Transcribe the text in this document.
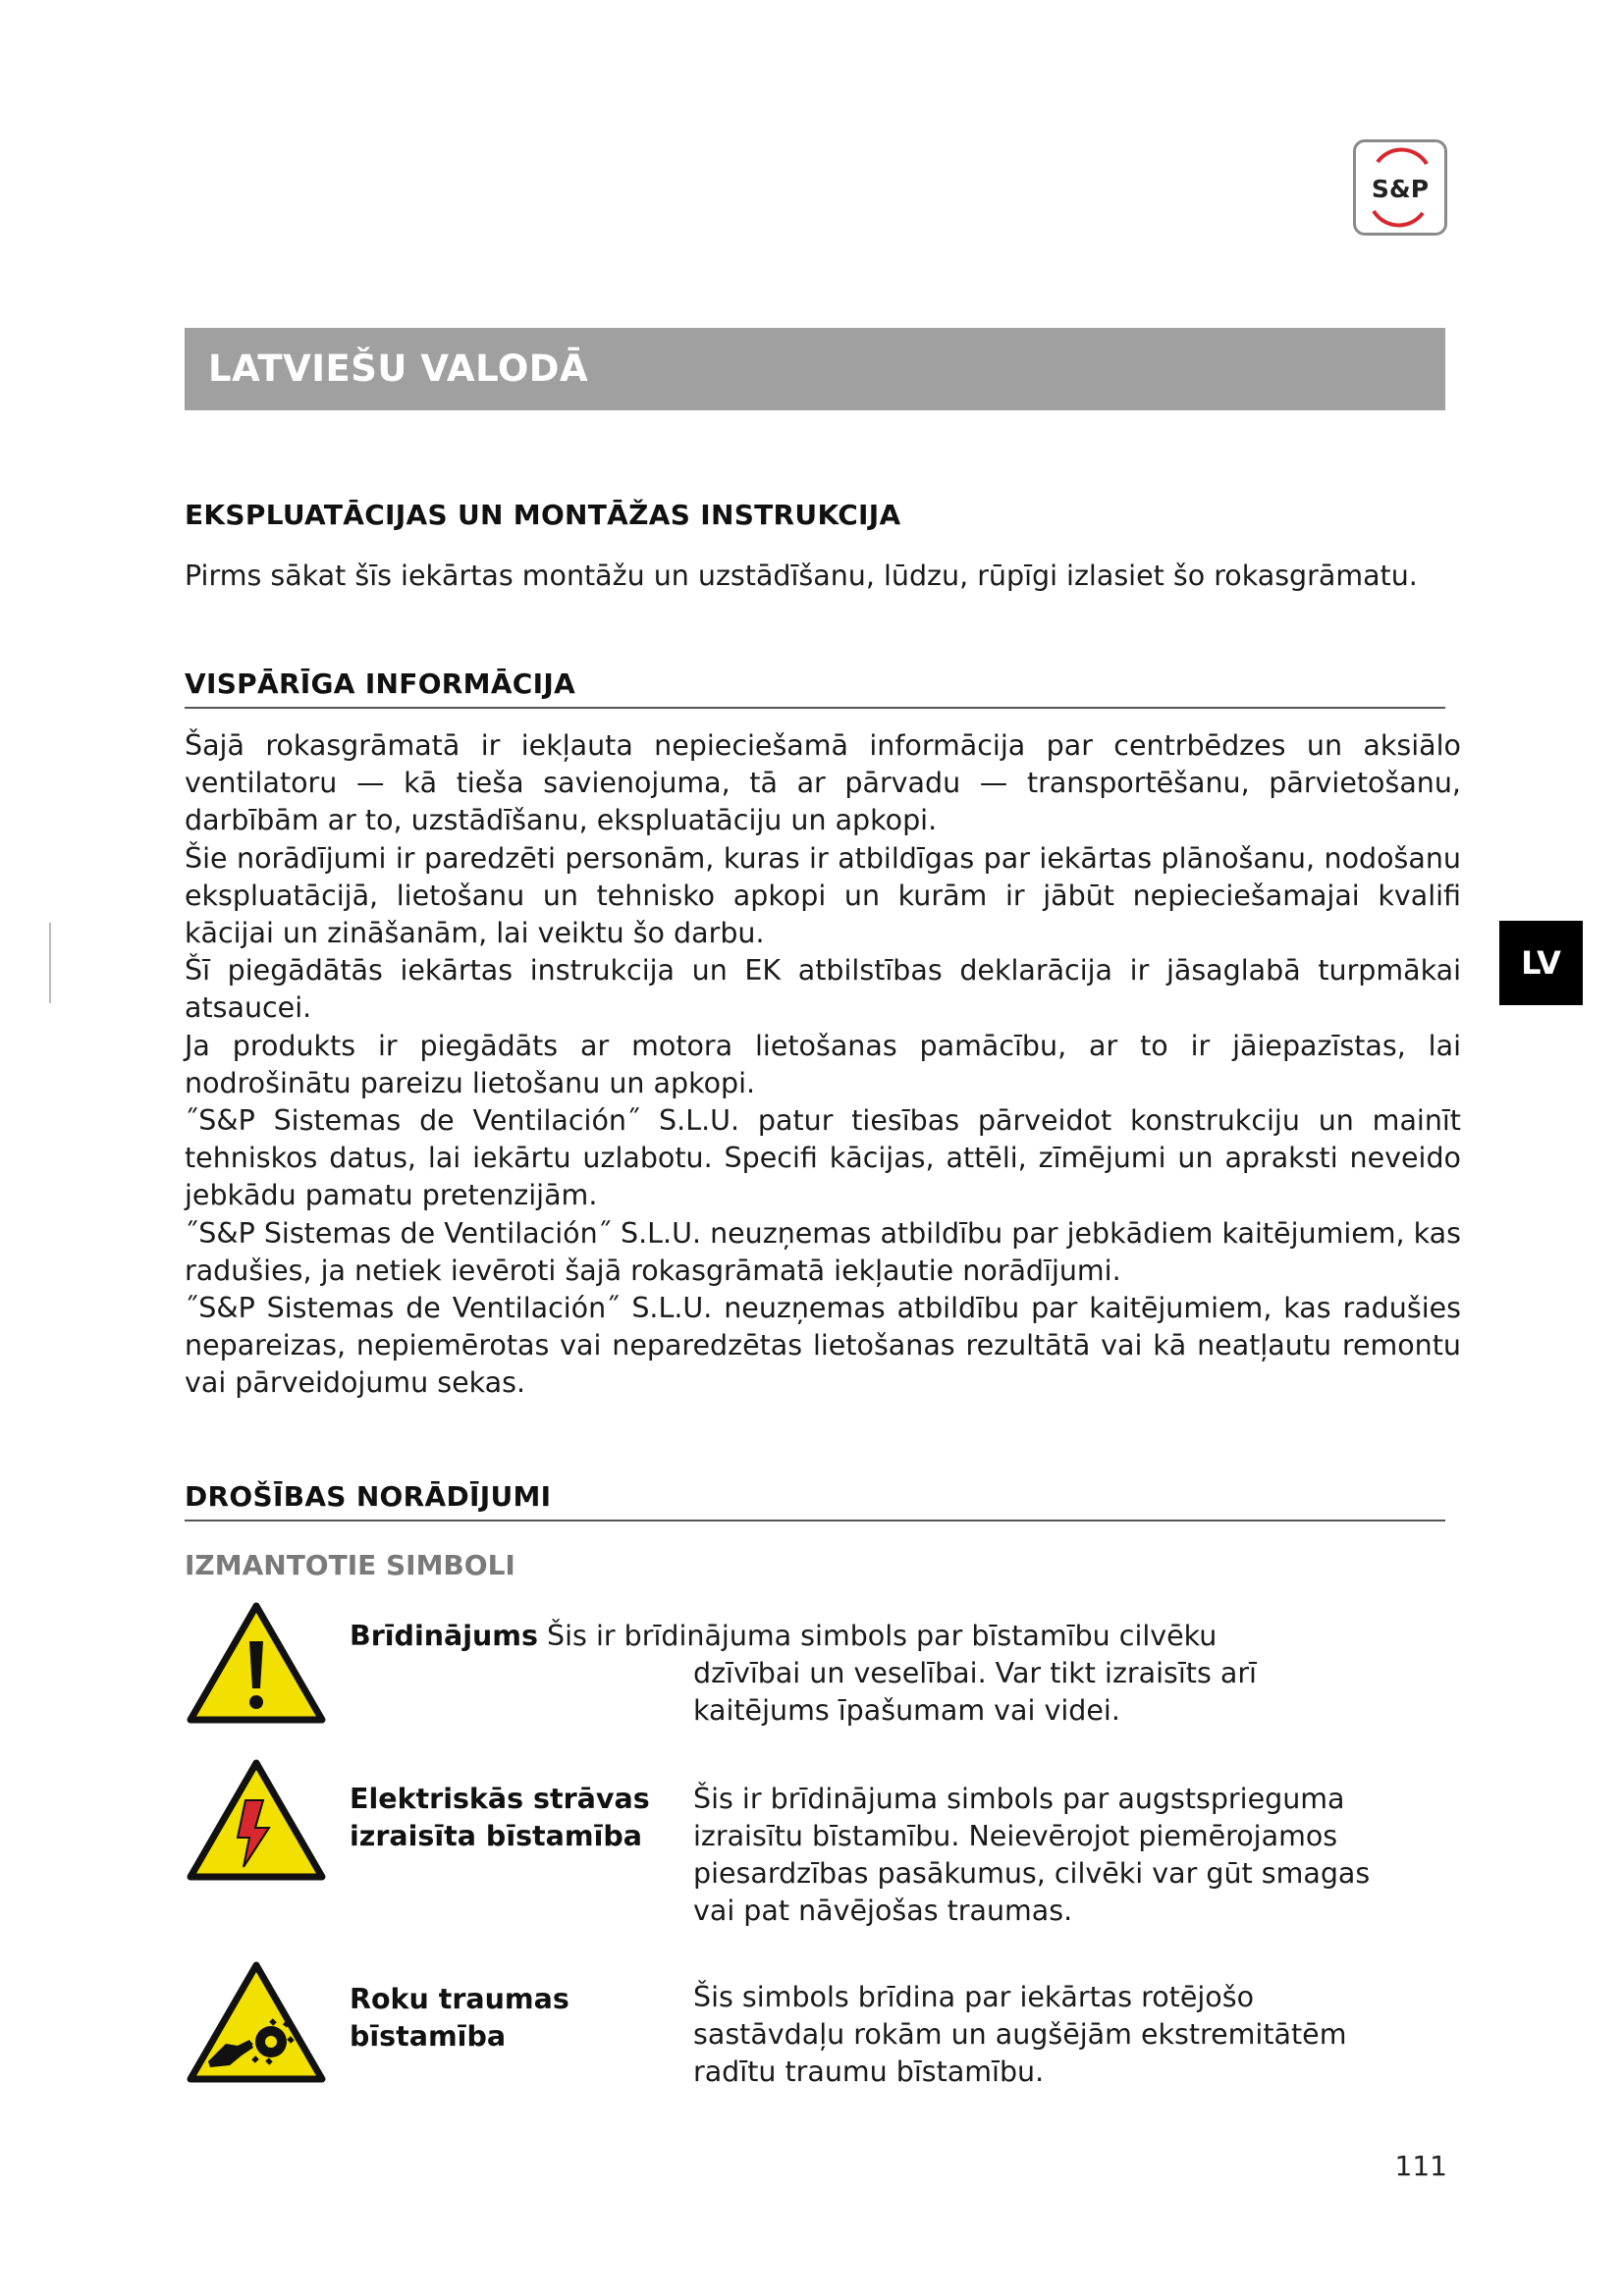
S&P
LATVIEŠU VALODĀ
EKSPLUATĀCIJAS UN MONTĀŽAS INSTRUKCIJA
Pirms sākat šīs iekārtas montāžu un uzstādīšanu, lūdzu, rūpīgi izlasiet šo rokasgrāmatu.
VISPĀRĪGA INFORMĀCIJA

Šajā rokasgrāmatā ir iekļauta nepieciešamā informācija par centrbēdzes un aksiālo ventilatoru — kā tieša savienojuma, tā ar pārvadu — transportēšanu, pārvietošanu, darbībām ar to, uzstādīšanu, ekspluatāciju un apkopi.

Šie norādījumi ir paredzēti personām, kuras ir atbildīgas par iekārtas plānošanu, nodošanu ekspluatācijā, lietošanu un tehnisko apkopi un kurām ir jābūt nepieciešamajai kvalifi kācijai un zināšanām, lai veiktu šo darbu.

Šī piegādātās iekārtas instrukcija un EK atbilstības deklarācija ir jāsaglabā turpmākai atsaucei.

Ja produkts ir piegādāts ar motora lietošanas pamācību, ar to ir jāiepazīstas, lai nodrošinātu pareizu lietošanu un apkopi.

˝S&P Sistemas de Ventilación˝ S.L.U. patur tiesības pārveidot konstrukciju un mainīt tehniskos datus, lai iekārtu uzlabotu. Specifi kācijas, attēli, zīmējumi un apraksti neveido jebkādu pamatu pretenzijām.

˝S&P Sistemas de Ventilación˝ S.L.U. neuzņemas atbildību par jebkādiem kaitējumiem, kas radušies, ja netiek ievēroti šajā rokasgrāmatā iekļautie norādījumi.

˝S&P Sistemas de Ventilación˝ S.L.U. neuzņemas atbildību par kaitējumiem, kas radušies nepareizas, nepiemērotas vai neparedzētas lietošanas rezultātā vai kā neatļautu remontu vai pārveidojumu sekas.

LV
DROŠĪBAS NORĀDĪJUMI
IZMANTOTIE SIMBOLI
Brīdinājums Šis ir brīdinājuma simbols par bīstamību cilvēku
dzīvībai un veselībai. Var tikt izraisīts arī kaitējums īpašumam vai videi.
Elektriskās strāvas izraisīta bīstamība
Šis ir brīdinājuma simbols par augstsprieguma izraisītu bīstamību. Neievērojot piemērojamos piesardzības pasākumus, cilvēki var gūt smagas vai pat nāvējošas traumas.
Roku traumas bīstamība
Šis simbols brīdina par iekārtas rotējošo sastāvdaļu rokām un augšējām ekstremitātēm radītu traumu bīstamību.
111
